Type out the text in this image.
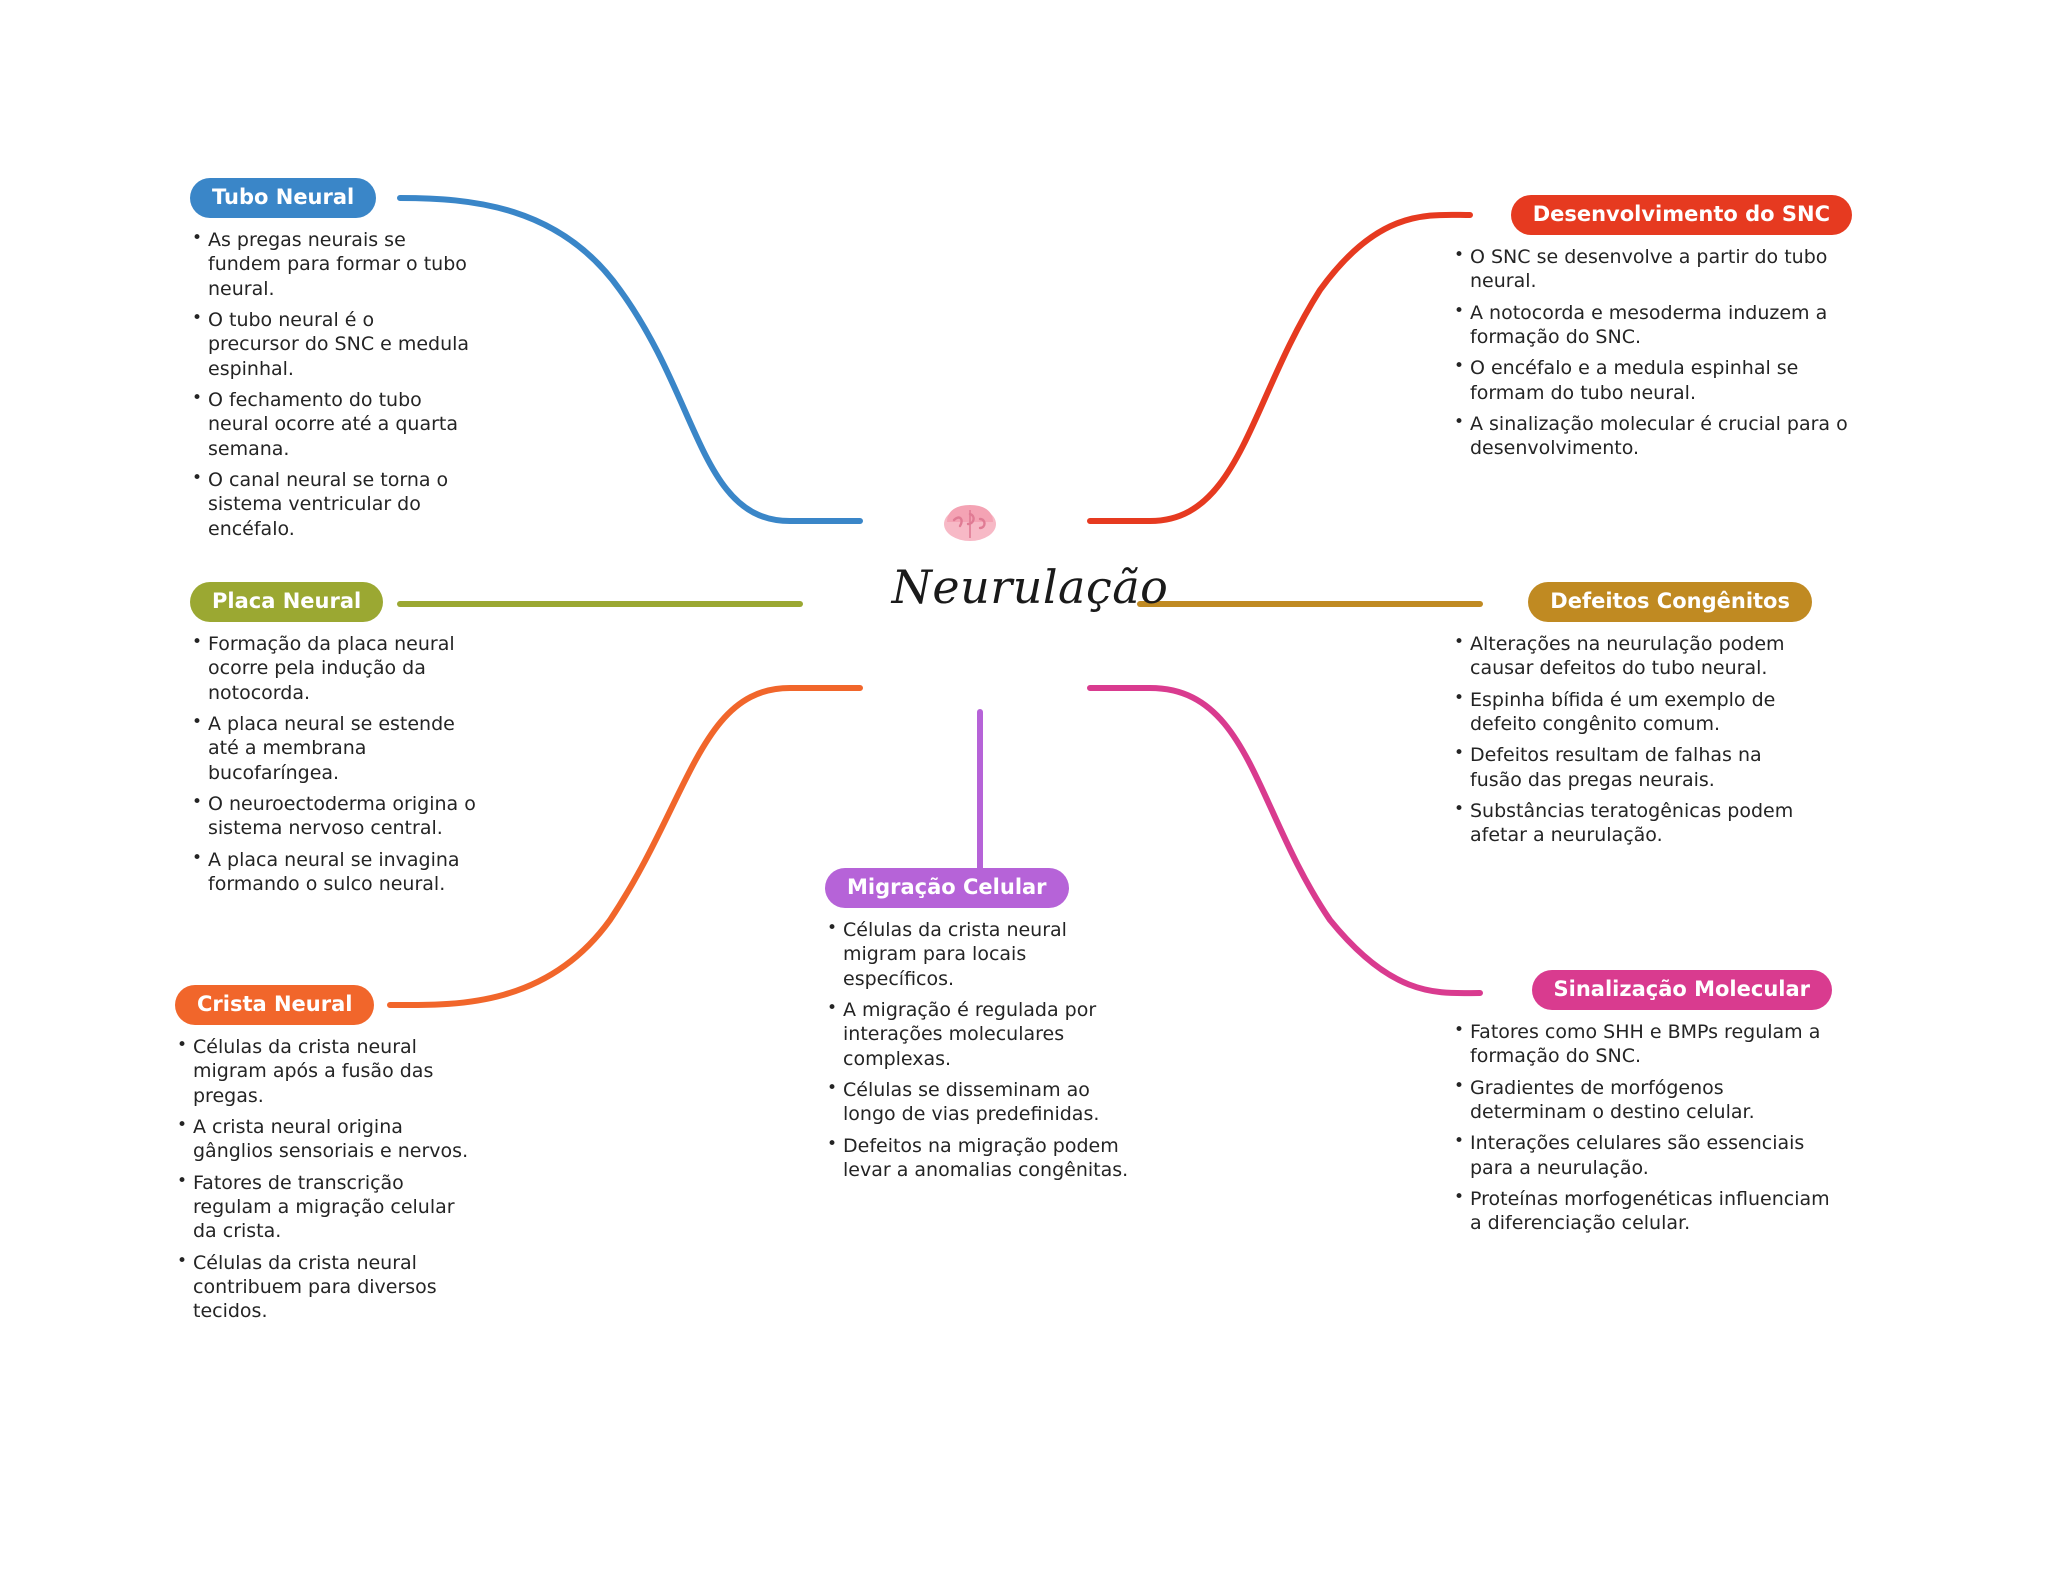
Neurulação
Tubo Neural
• As pregas neurais se fundem para formar o tubo neural.
• O tubo neural é o precursor do SNC e medula espinhal.
• O fechamento do tubo neural ocorre até a quarta semana.
• O canal neural se torna o sistema ventricular do encéfalo.
Placa Neural
• Formação da placa neural ocorre pela indução da notocorda.
• A placa neural se estende até a membrana bucofaríngea.
• O neuroectoderma origina o sistema nervoso central.
• A placa neural se invagina formando o sulco neural.
Crista Neural
• Células da crista neural migram após a fusão das pregas.
• A crista neural origina gânglios sensoriais e nervos.
• Fatores de transcrição regulam a migração celular da crista.
• Células da crista neural contribuem para diversos tecidos.
Migração Celular
• Células da crista neural migram para locais específicos.
• A migração é regulada por interações moleculares complexas.
• Células se disseminam ao longo de vias predefinidas.
• Defeitos na migração podem levar a anomalias congênitas.
Desenvolvimento do SNC
• O SNC se desenvolve a partir do tubo neural.
• A notocorda e mesoderma induzem a formação do SNC.
• O encéfalo e a medula espinhal se formam do tubo neural.
• A sinalização molecular é crucial para o desenvolvimento.
Defeitos Congênitos
• Alterações na neurulação podem causar defeitos do tubo neural.
• Espinha bífida é um exemplo de defeito congênito comum.
• Defeitos resultam de falhas na fusão das pregas neurais.
• Substâncias teratogênicas podem afetar a neurulação.
Sinalização Molecular
• Fatores como SHH e BMPs regulam a formação do SNC.
• Gradientes de morfógenos determinam o destino celular.
• Interações celulares são essenciais para a neurulação.
• Proteínas morfogenéticas influenciam a diferenciação celular.
